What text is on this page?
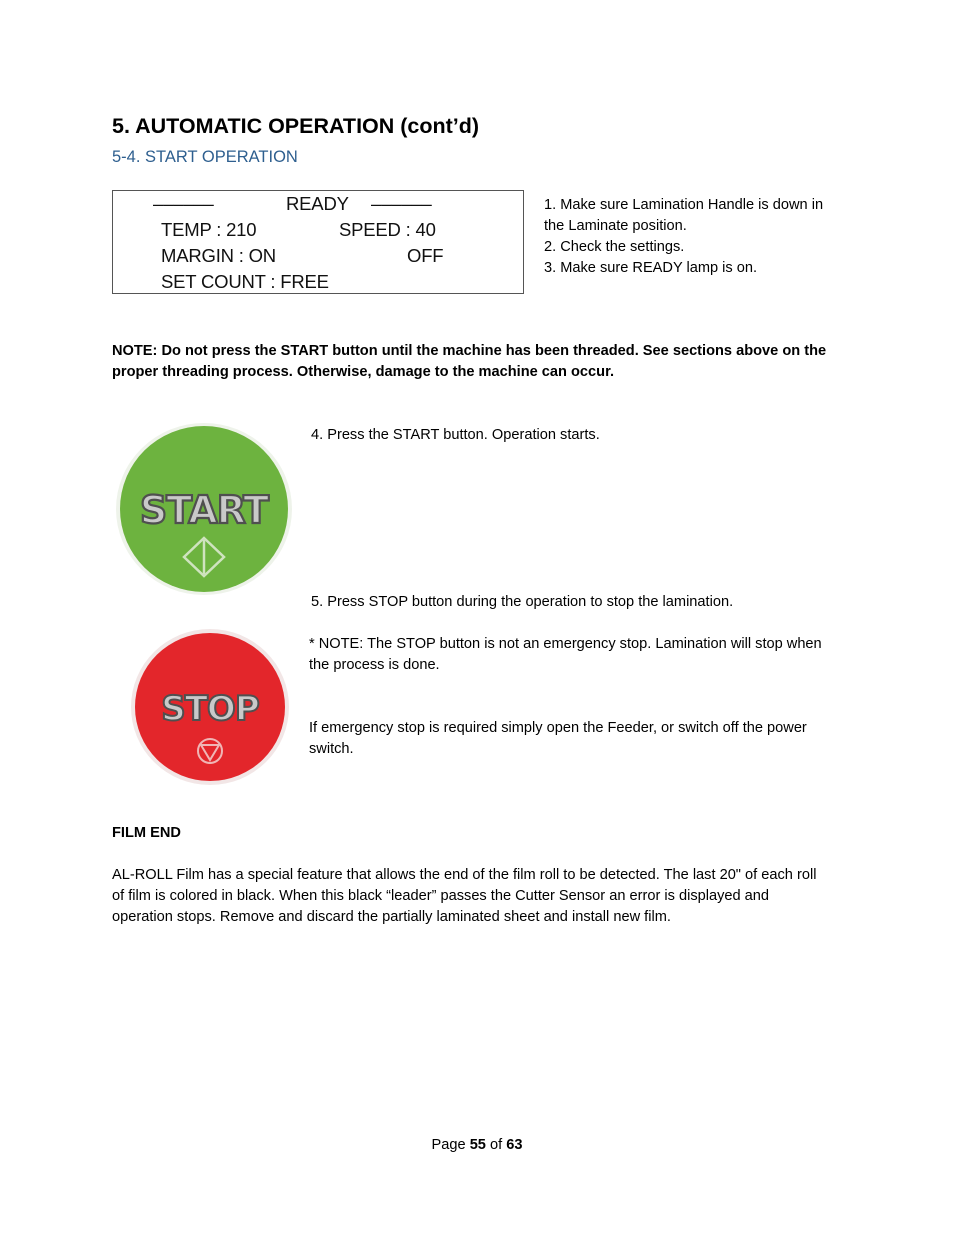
5. AUTOMATIC OPERATION (cont’d)
5-4. START OPERATION
––––––	READY ––––––
TEMP : 210	SPEED : 40
MARGIN : ON	OFF
SET COUNT : FREE
1. Make sure Lamination Handle is down in the Laminate position.
2. Check the settings.
3. Make sure READY lamp is on.

NOTE: Do not press the START button until the machine has been threaded. See sections above on the proper threading process. Otherwise, damage to the machine can occur.

START
4. Press the START button. Operation starts.
5. Press STOP button during the operation to stop the lamination.
STOP

* NOTE: The STOP button is not an emergency stop. Lamination will stop when the process is done.

If emergency stop is required simply open the Feeder, or switch off the power switch.

FILM END

AL-ROLL Film has a special feature that allows the end of the film roll to be detected. The last 20" of each roll of film is colored in black. When this black “leader” passes the Cutter Sensor an error is displayed and operation stops. Remove and discard the partially laminated sheet and install new film.

Page 55 of 63
